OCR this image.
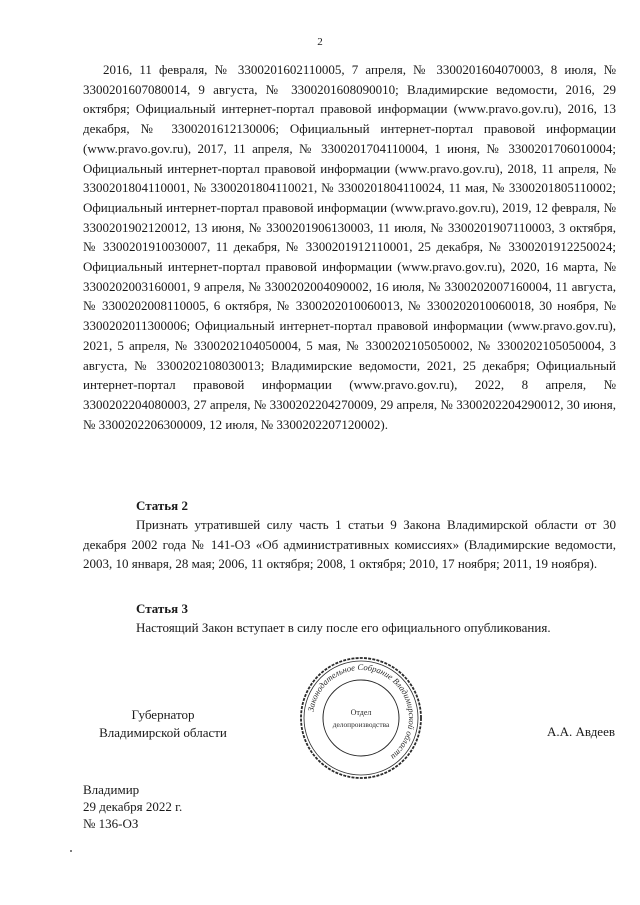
2
2016, 11 февраля, № 3300201602110005, 7 апреля, № 3300201604070003, 8 июля, № 3300201607080014, 9 августа, № 3300201608090010; Владимирские ведомости, 2016, 29 октября; Официальный интернет-портал правовой информации (www.pravo.gov.ru), 2016, 13 декабря, № 3300201612130006; Официальный интернет-портал правовой информации (www.pravo.gov.ru), 2017, 11 апреля, № 3300201704110004, 1 июня, № 3300201706010004; Официальный интернет-портал правовой информации (www.pravo.gov.ru), 2018, 11 апреля, № 3300201804110001, № 3300201804110021, № 3300201804110024, 11 мая, № 3300201805110002; Официальный интернет-портал правовой информации (www.pravo.gov.ru), 2019, 12 февраля, № 3300201902120012, 13 июня, № 3300201906130003, 11 июля, № 3300201907110003, 3 октября, № 3300201910030007, 11 декабря, № 3300201912110001, 25 декабря, № 3300201912250024; Официальный интернет-портал правовой информации (www.pravo.gov.ru), 2020, 16 марта, № 3300202003160001, 9 апреля, № 3300202004090002, 16 июля, № 3300202007160004, 11 августа, № 3300202008110005, 6 октября, № 3300202010060013, № 3300202010060018, 30 ноября, № 3300202011300006; Официальный интернет-портал правовой информации (www.pravo.gov.ru), 2021, 5 апреля, № 3300202104050004, 5 мая, № 3300202105050002, № 3300202105050004, 3 августа, № 3300202108030013; Владимирские ведомости, 2021, 25 декабря; Официальный интернет-портал правовой информации (www.pravo.gov.ru), 2022, 8 апреля, № 3300202204080003, 27 апреля, № 3300202204270009, 29 апреля, № 3300202204290012, 30 июня, № 3300202206300009, 12 июля, № 3300202207120002).
Статья 2
Признать утратившей силу часть 1 статьи 9 Закона Владимирской области от 30 декабря 2002 года № 141-ОЗ «Об административных комиссиях» (Владимирские ведомости, 2003, 10 января, 28 мая; 2006, 11 октября; 2008, 1 октября; 2010, 17 ноября; 2011, 19 ноября).
Статья 3
Настоящий Закон вступает в силу после его официального опубликования.
Губернатор
Владимирской области
Законодательное Собрание Владимирской области
Отдел
делопроизводства	А.А. Авдеев
Владимир
29 декабря 2022 г.
№ 136-ОЗ
